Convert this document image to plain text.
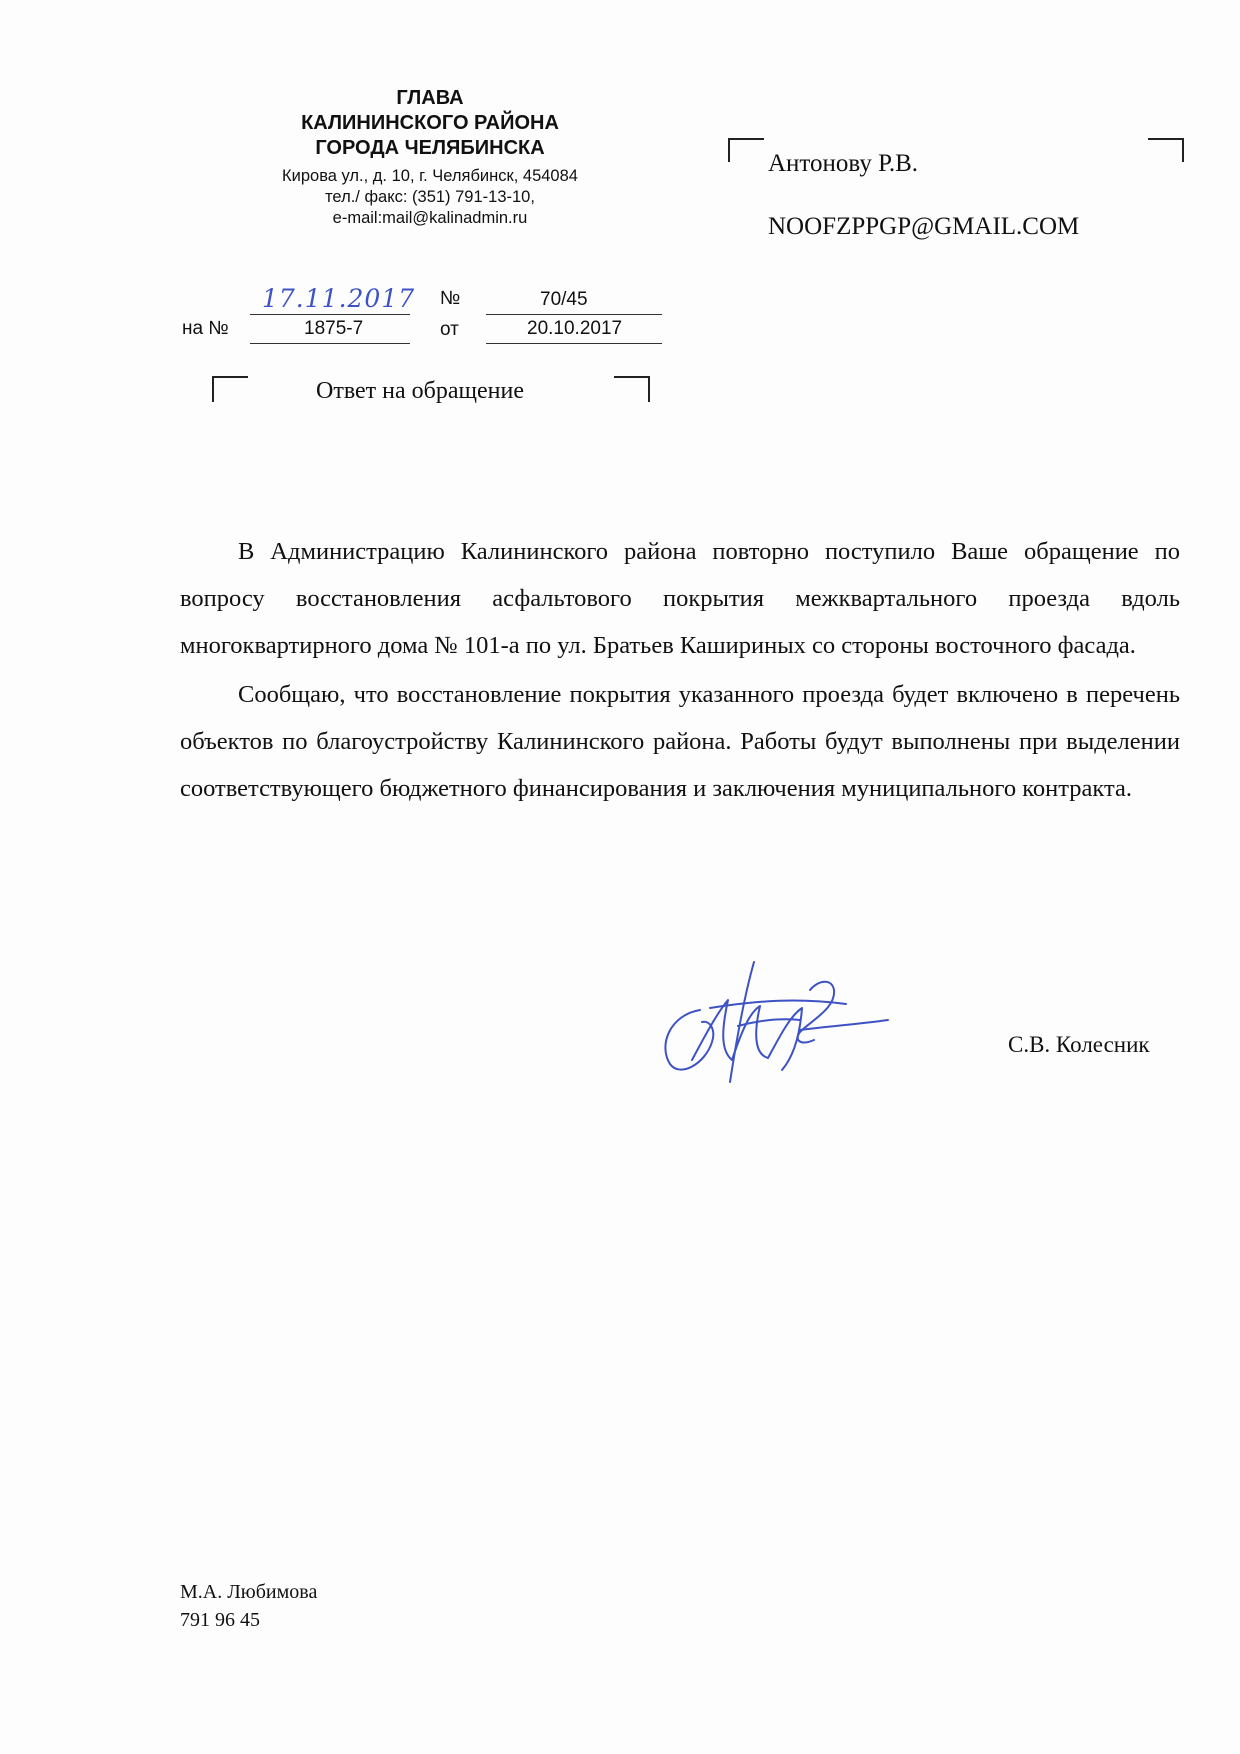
ГЛАВА
КАЛИНИНСКОГО РАЙОНА
ГОРОДА ЧЕЛЯБИНСКА
Кирова ул., д. 10, г. Челябинск, 454084
тел./ факс: (351) 791-13-10,
e-mail:mail@kalinadmin.ru
Антонову Р.В.
NOOFZPPGP@GMAIL.COM
17.11.2017 №	70/45
на №	1875-7	от	20.10.2017
Ответ на обращение

В Администрацию Калининского района повторно поступило Ваше обращение по вопросу восстановления асфальтового покрытия межквартального проезда вдоль многоквартирного дома № 101-а по ул. Братьев Кашириных со стороны восточного фасада.

Сообщаю, что восстановление покрытия указанного проезда будет включено в перечень объектов по благоустройству Калининского района. Работы будут выполнены при выделении соответствующего бюджетного финансирования и заключения муниципального контракта.

С.В. Колесник
М.А. Любимова
791 96 45
